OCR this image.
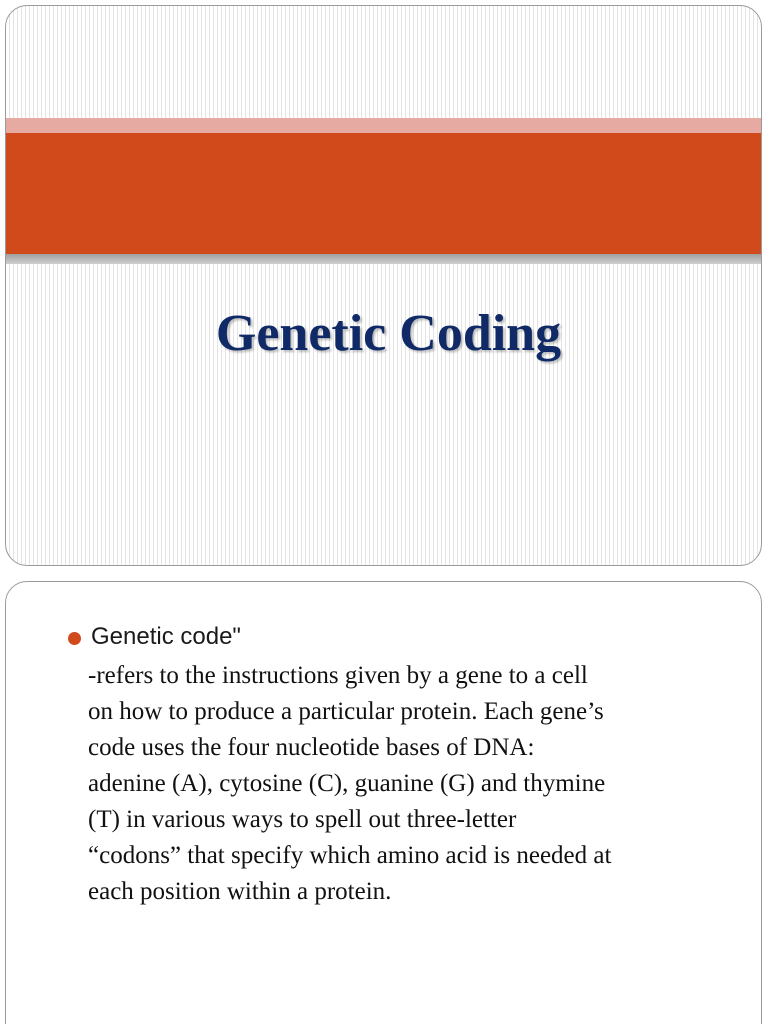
Genetic Coding
Genetic code"
-refers to the instructions given by a gene to a cell
on how to produce a particular protein. Each gene’s
code uses the four nucleotide bases of DNA:
adenine (A), cytosine (C), guanine (G) and thymine
(T) in various ways to spell out three-letter
“codons” that specify which amino acid is needed at
each position within a protein.
